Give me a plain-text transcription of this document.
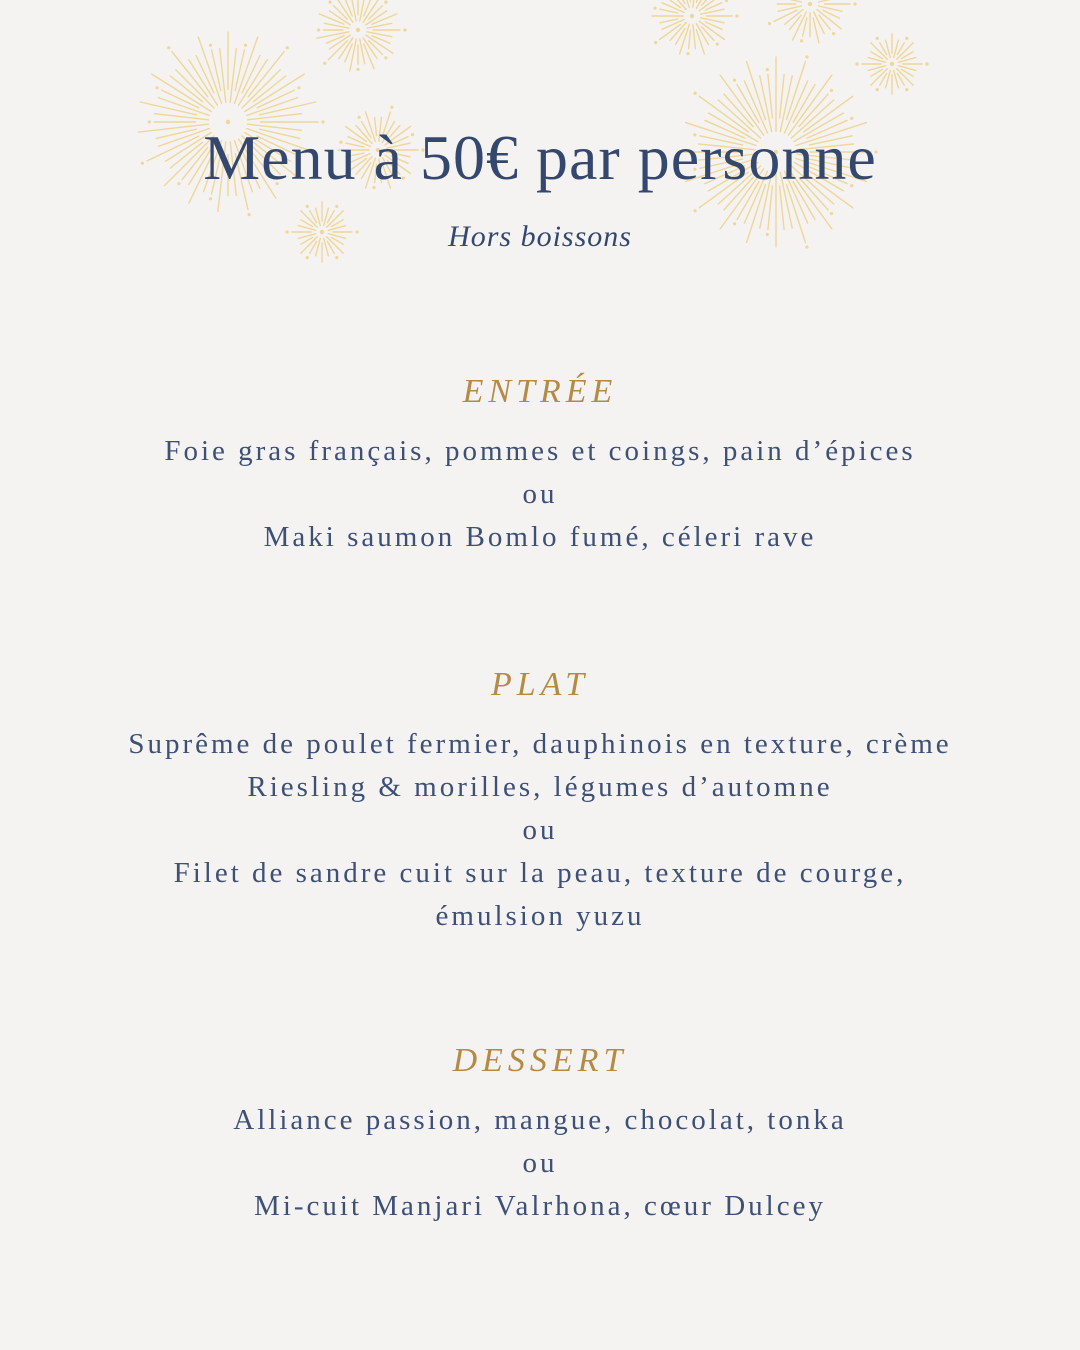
Menu à 50€ par personne
Hors boissons
ENTRÉE
Foie gras français, pommes et coings, pain d’épices
ou
Maki saumon Bomlo fumé, céleri rave
PLAT
Suprême de poulet fermier, dauphinois en texture, crème
Riesling & morilles, légumes d’automne
ou
Filet de sandre cuit sur la peau, texture de courge,
émulsion yuzu
DESSERT
Alliance passion, mangue, chocolat, tonka
ou
Mi-cuit Manjari Valrhona, cœur Dulcey
